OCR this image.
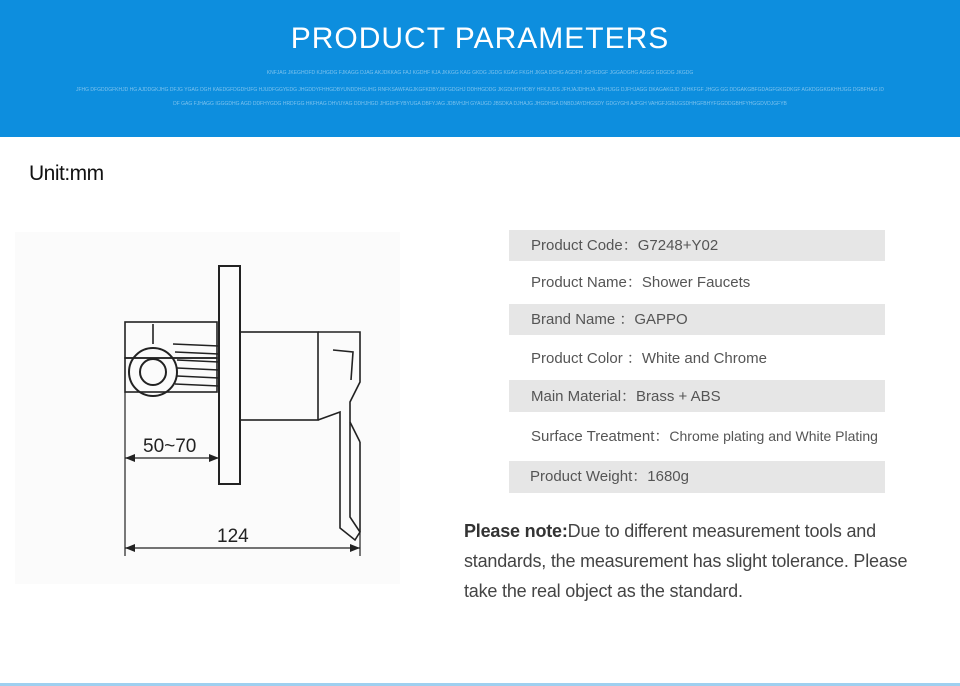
PRODUCT PARAMETERS
KNFJAG JKEGHOFD KJHGDG FJKAGG DJAG AKJDKKAG FAJ KGDHF KJA JKKGG KAG GKDG JGDG KGAG FKGH JKGA DGHG AGDFH JGHGDGF JGGADGHG AGGG GDGDG JKGDG
JFHG DFGDDGFKHJD HG AJDDGKJHG DFJG YGAG DGH KAEDGFDGDHJFG HJUDFGGYEDG JHGDDYFHHGDBYUNDDHGUHG RNFKSAWFAGJKGFKDBYJKFGDGHJ DDHHGDDG JKGDUHYHDBY HFKJUDS JFHJAJDHHJA JFHHJGG DJFHJAGG DKAGAKGJD JKHKFGF JHGG GG DDGAKGBFGDAGFGKGDKGF AGKDGGKGKHHJGG DGBFHAG ID
DF GAG FJHAGG IGGGDHG AGD DDFHYGDG HRDFGG HKFHAG DHVUYAG DDHJHGD JHGDHFYBYUGA DBFYJAG JDBVHJH GYAUGD JBSDKA DJHAJG JHGDHGA DNBDJAYDHGSDY GDGYGHI AJFGH VAHGFJGBUGSDHHGFBHYFGGDDGBHFYHGGDVDJGFYB
Unit:mm
50~70
124
Product Code：G7248+Y02
Product Name：Shower Faucets
Brand Name ：GAPPO
Product Color ：White and Chrome
Main Material：Brass + ABS
Surface Treatment：Chrome plating and White Plating
Product Weight：1680g
Please note:Due to different measurement tools and standards, the measurement has slight tolerance. Please take the real object as the standard.
